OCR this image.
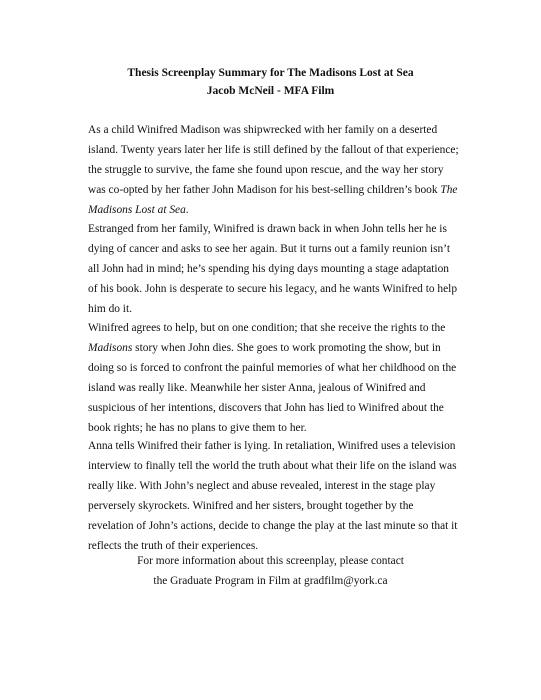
Thesis Screenplay Summary for The Madisons Lost at Sea
Jacob McNeil - MFA Film

As a child Winifred Madison was shipwrecked with her family on a deserted island. Twenty years later her life is still defined by the fallout of that experience; the struggle to survive, the fame she found upon rescue, and the way her story was co-opted by her father John Madison for his best-selling children’s book The Madisons Lost at Sea.

Estranged from her family, Winifred is drawn back in when John tells her he is dying of cancer and asks to see her again. But it turns out a family reunion isn’t all John had in mind; he’s spending his dying days mounting a stage adaptation of his book. John is desperate to secure his legacy, and he wants Winifred to help him do it.

Winifred agrees to help, but on one condition; that she receive the rights to the Madisons story when John dies. She goes to work promoting the show, but in doing so is forced to confront the painful memories of what her childhood on the island was really like. Meanwhile her sister Anna, jealous of Winifred and suspicious of her intentions, discovers that John has lied to Winifred about the book rights; he has no plans to give them to her.

Anna tells Winifred their father is lying. In retaliation, Winifred uses a television interview to finally tell the world the truth about what their life on the island was really like. With John’s neglect and abuse revealed, interest in the stage play perversely skyrockets. Winifred and her sisters, brought together by the revelation of John’s actions, decide to change the play at the last minute so that it reflects the truth of their experiences.

For more information about this screenplay, please contact
the Graduate Program in Film at gradfilm@york.ca
